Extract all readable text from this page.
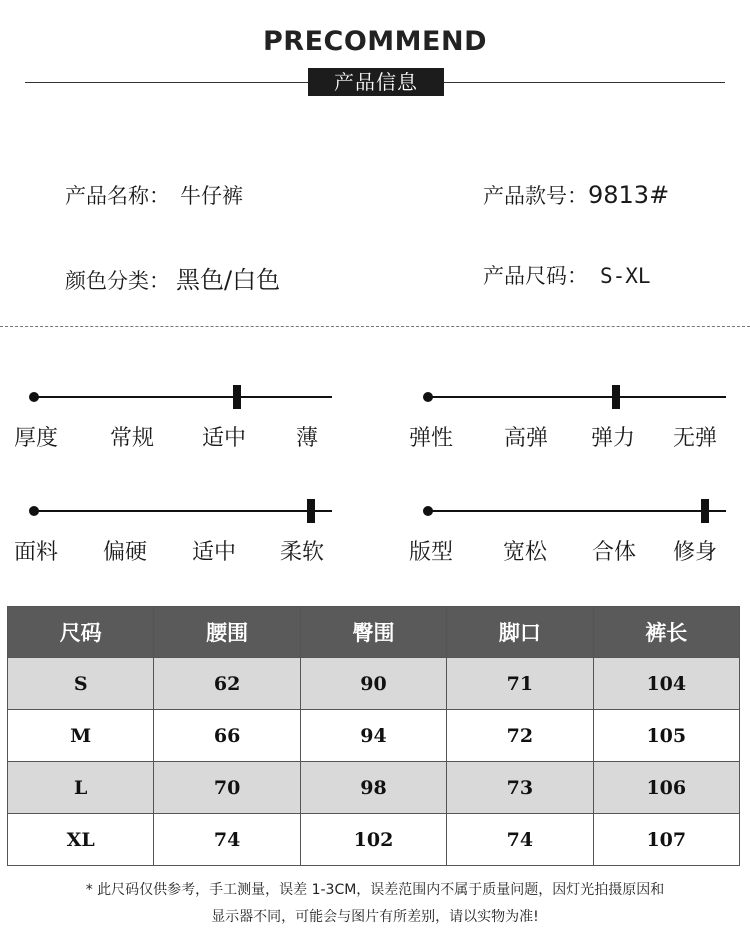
PRECOMMEND
产品信息
产品名称： 牛仔裤	产品款号：9813#
颜色分类： 黑色/白色	产品尺码： S-XL
厚度 常规 适中 薄	弹性 高弹 弹力 无弹
面料 偏硬 适中 柔软	版型 宽松 合体 修身
尺码	腰围	臀围	脚口	裤长
S	62	90	71	104
M	66	94	72	105
L	70	98	73	106
XL	74	102	74	107
* 此尺码仅供参考，手工测量，误差 1-3CM，误差范围内不属于质量问题，因灯光拍摄原因和
显示器不同，可能会与图片有所差别，请以实物为准!
